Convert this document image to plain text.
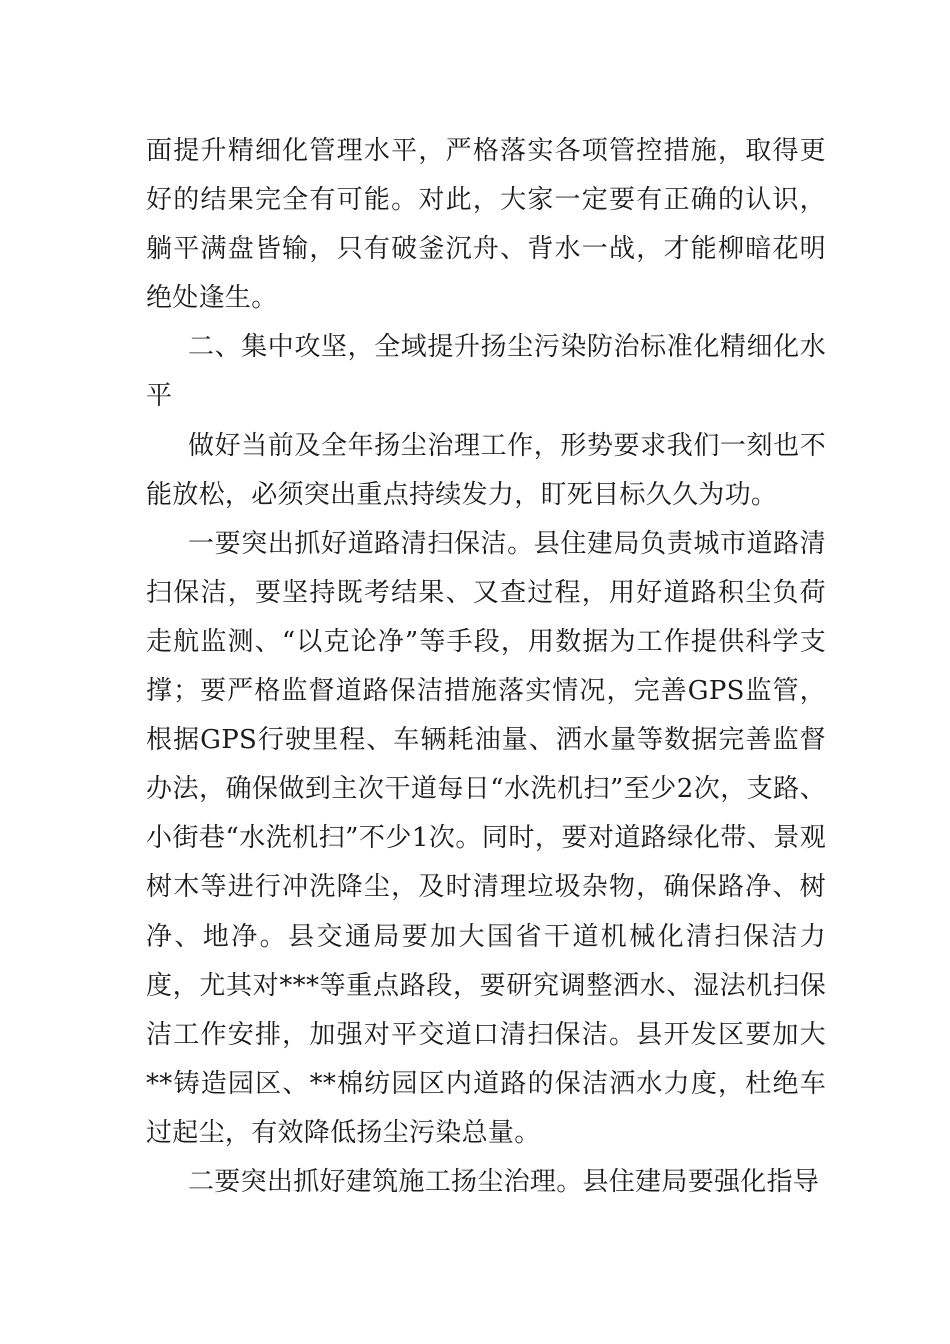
面提升精细化管理水平，严格落实各项管控措施，取得更好的结果完全有可能。对此，大家一定要有正确的认识，躺平满盘皆输，只有破釜沉舟、背水一战，才能柳暗花明绝处逢生。

二、集中攻坚，全域提升扬尘污染防治标准化精细化水平

做好当前及全年扬尘治理工作，形势要求我们一刻也不能放松，必须突出重点持续发力，盯死目标久久为功。

一要突出抓好道路清扫保洁。县住建局负责城市道路清扫保洁，要坚持既考结果、又查过程，用好道路积尘负荷走航监测、“以克论净”等手段，用数据为工作提供科学支撑；要严格监督道路保洁措施落实情况，完善GPS监管，根据GPS行驶里程、车辆耗油量、洒水量等数据完善监督办法，确保做到主次干道每日“水洗机扫”至少2次，支路、小街巷“水洗机扫”不少1次。同时，要对道路绿化带、景观树木等进行冲洗降尘，及时清理垃圾杂物，确保路净、树净、地净。县交通局要加大国省干道机械化清扫保洁力度，尤其对***等重点路段，要研究调整洒水、湿法机扫保洁工作安排，加强对平交道口清扫保洁。县开发区要加大**铸造园区、**棉纺园区内道路的保洁洒水力度，杜绝车过起尘，有效降低扬尘污染总量。

二要突出抓好建筑施工扬尘治理。县住建局要强化指导
